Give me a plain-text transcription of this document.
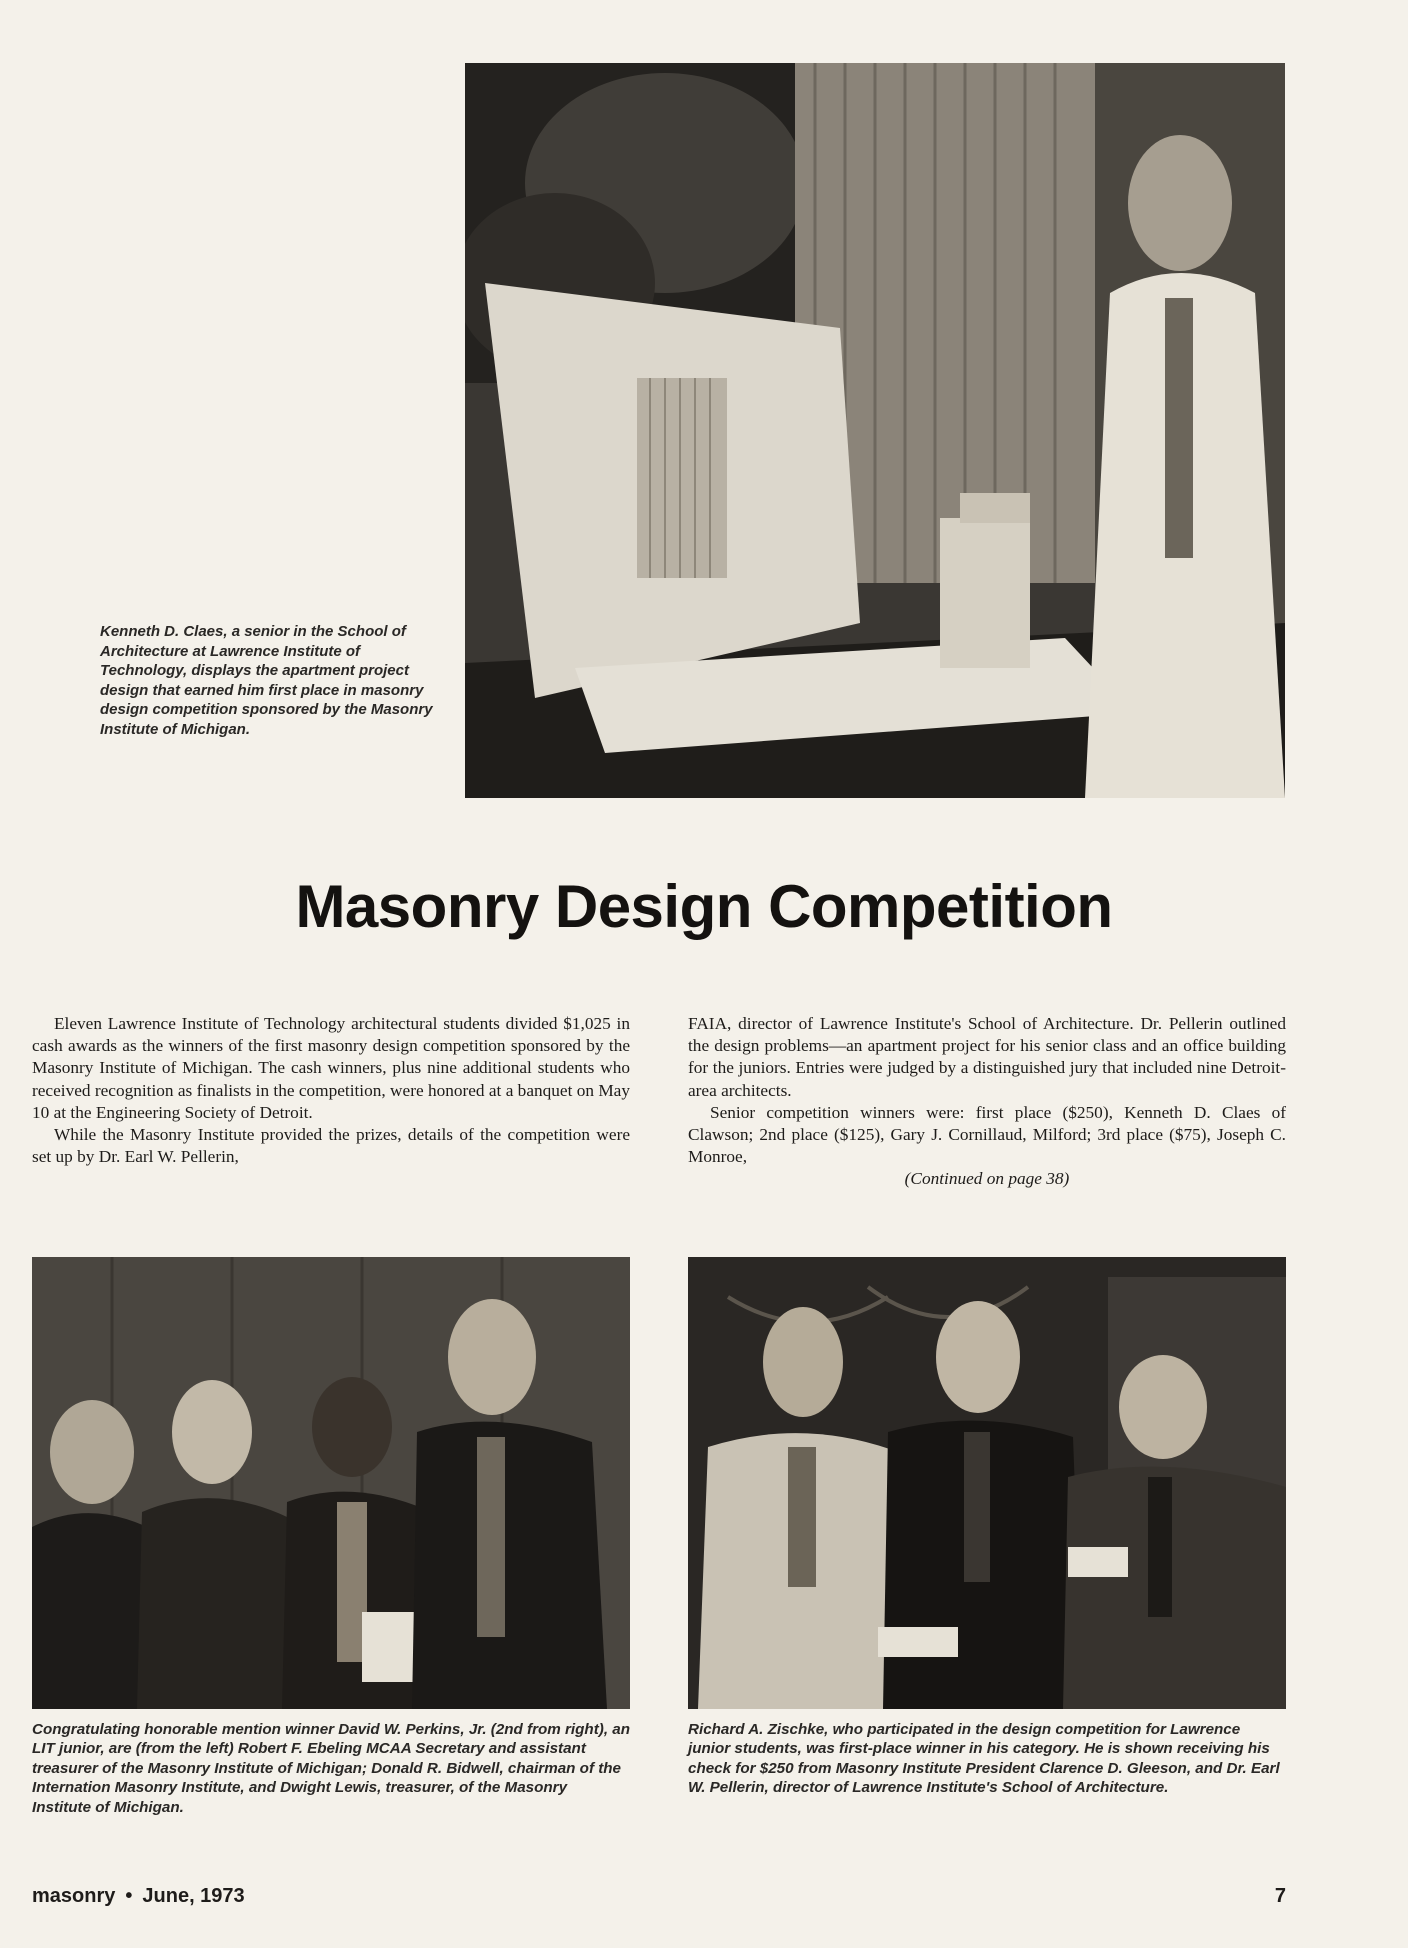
Kenneth D. Claes, a senior in the School of Architecture at Lawrence Institute of Technology, displays the apartment project design that earned him first place in masonry design competition sponsored by the Masonry Institute of Michigan.

Masonry Design Competition

Eleven Lawrence Institute of Technology architectural students divided $1,025 in cash awards as the winners of the first masonry design competition sponsored by the Masonry Institute of Michigan. The cash winners, plus nine additional students who received recognition as finalists in the competition, were honored at a banquet on May 10 at the Engineering Society of Detroit.

While the Masonry Institute provided the prizes, details of the competition were set up by Dr. Earl W. Pellerin,

FAIA, director of Lawrence Institute's School of Architecture. Dr. Pellerin outlined the design problems—an apartment project for his senior class and an office building for the juniors. Entries were judged by a distinguished jury that included nine Detroit-area architects.

Senior competition winners were: first place ($250), Kenneth D. Claes of Clawson; 2nd place ($125), Gary J. Cornillaud, Milford; 3rd place ($75), Joseph C. Monroe,

(Continued on page 38)

Congratulating honorable mention winner David W. Perkins, Jr. (2nd from right), an LIT junior, are (from the left) Robert F. Ebeling MCAA Secretary and assistant treasurer of the Masonry Institute of Michigan; Donald R. Bidwell, chairman of the Internation Masonry Institute, and Dwight Lewis, treasurer, of the Masonry Institute of Michigan.

Richard A. Zischke, who participated in the design competition for Lawrence junior students, was first-place winner in his category. He is shown receiving his check for $250 from Masonry Institute President Clarence D. Gleeson, and Dr. Earl W. Pellerin, director of Lawrence Institute's School of Architecture.

masonry • June, 1973	7
